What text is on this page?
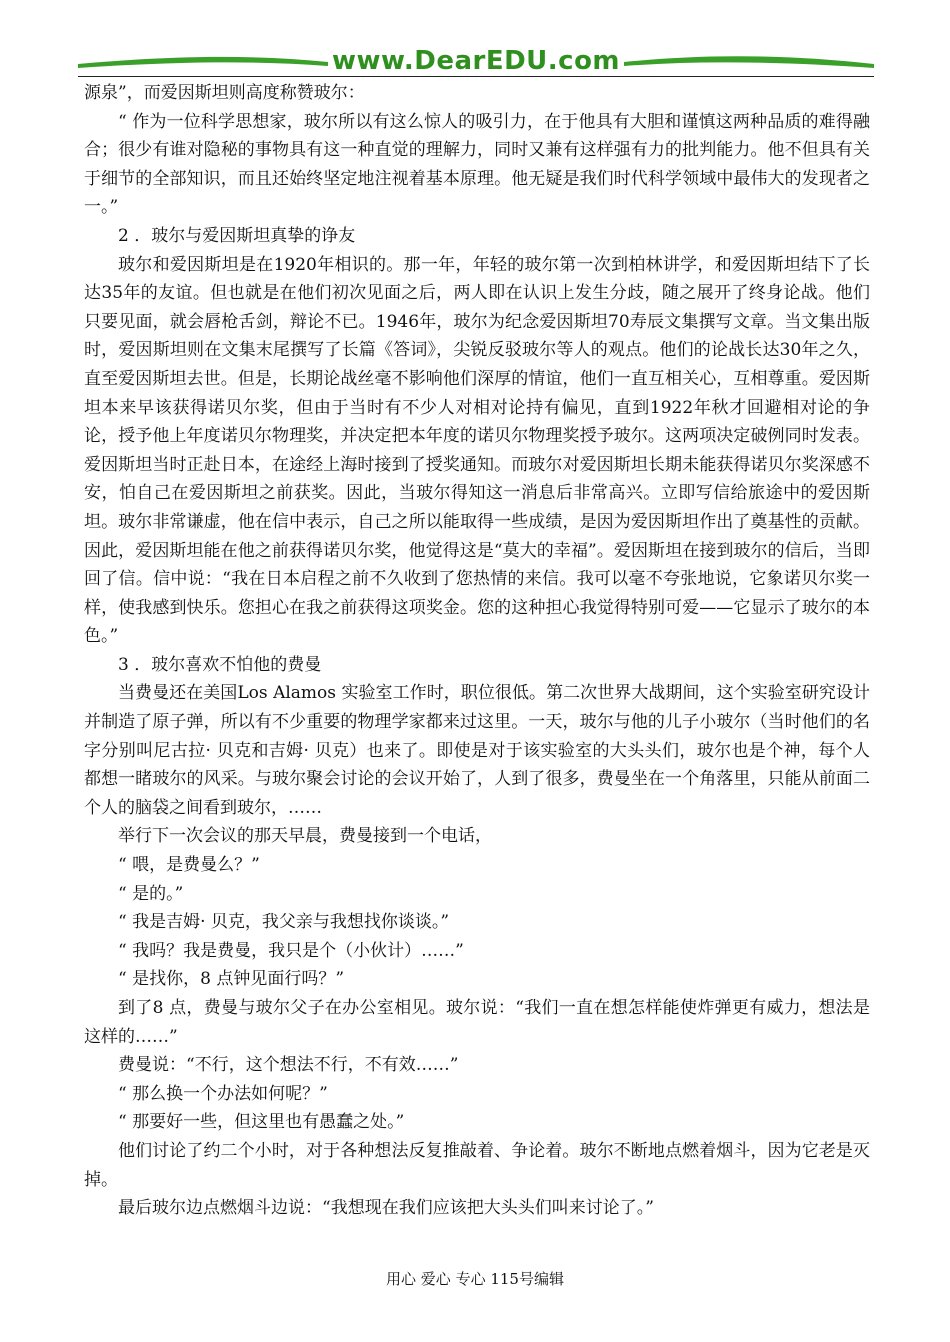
www.DearEDU.com

源泉”，而爱因斯坦则高度称赞玻尔：

“ 作为一位科学思想家，玻尔所以有这么惊人的吸引力，在于他具有大胆和谨慎这两种品质的难得融合；很少有谁对隐秘的事物具有这一种直觉的理解力，同时又兼有这样强有力的批判能力。他不但具有关于细节的全部知识，而且还始终坚定地注视着基本原理。他无疑是我们时代科学领域中最伟大的发现者之一。”

2 ．玻尔与爱因斯坦真挚的诤友

玻尔和爱因斯坦是在1920年相识的。那一年，年轻的玻尔第一次到柏林讲学，和爱因斯坦结下了长达35年的友谊。但也就是在他们初次见面之后，两人即在认识上发生分歧，随之展开了终身论战。他们只要见面，就会唇枪舌剑，辩论不已。1946年，玻尔为纪念爱因斯坦70寿辰文集撰写文章。当文集出版时，爱因斯坦则在文集末尾撰写了长篇《答词》，尖锐反驳玻尔等人的观点。他们的论战长达30年之久，直至爱因斯坦去世。但是，长期论战丝毫不影响他们深厚的情谊，他们一直互相关心，互相尊重。爱因斯坦本来早该获得诺贝尔奖，但由于当时有不少人对相对论持有偏见，直到1922年秋才回避相对论的争论，授予他上年度诺贝尔物理奖，并决定把本年度的诺贝尔物理奖授予玻尔。这两项决定破例同时发表。爱因斯坦当时正赴日本，在途经上海时接到了授奖通知。而玻尔对爱因斯坦长期未能获得诺贝尔奖深感不安，怕自己在爱因斯坦之前获奖。因此，当玻尔得知这一消息后非常高兴。立即写信给旅途中的爱因斯坦。玻尔非常谦虚，他在信中表示，自己之所以能取得一些成绩，是因为爱因斯坦作出了奠基性的贡献。因此，爱因斯坦能在他之前获得诺贝尔奖，他觉得这是“莫大的幸福”。爱因斯坦在接到玻尔的信后，当即回了信。信中说：“我在日本启程之前不久收到了您热情的来信。我可以毫不夸张地说，它象诺贝尔奖一样，使我感到快乐。您担心在我之前获得这项奖金。您的这种担心我觉得特别可爱——它显示了玻尔的本色。”

3 ．玻尔喜欢不怕他的费曼

当费曼还在美国Los Alamos 实验室工作时，职位很低。第二次世界大战期间，这个实验室研究设计并制造了原子弹，所以有不少重要的物理学家都来过这里。一天，玻尔与他的儿子小玻尔（当时他们的名字分别叫尼古拉· 贝克和吉姆· 贝克）也来了。即使是对于该实验室的大头头们，玻尔也是个神，每个人都想一睹玻尔的风采。与玻尔聚会讨论的会议开始了，人到了很多，费曼坐在一个角落里，只能从前面二个人的脑袋之间看到玻尔，……

举行下一次会议的那天早晨，费曼接到一个电话，

“ 喂，是费曼么？”

“ 是的。”

“ 我是吉姆· 贝克，我父亲与我想找你谈谈。”

“ 我吗？我是费曼，我只是个（小伙计）……”

“ 是找你，8 点钟见面行吗？”

到了8 点，费曼与玻尔父子在办公室相见。玻尔说：“我们一直在想怎样能使炸弹更有威力，想法是这样的……”

费曼说：“不行，这个想法不行，不有效……”

“ 那么换一个办法如何呢？”

“ 那要好一些，但这里也有愚蠢之处。”

他们讨论了约二个小时，对于各种想法反复推敲着、争论着。玻尔不断地点燃着烟斗，因为它老是灭掉。

最后玻尔边点燃烟斗边说：“我想现在我们应该把大头头们叫来讨论了。”

用心 爱心 专心 115号编辑
